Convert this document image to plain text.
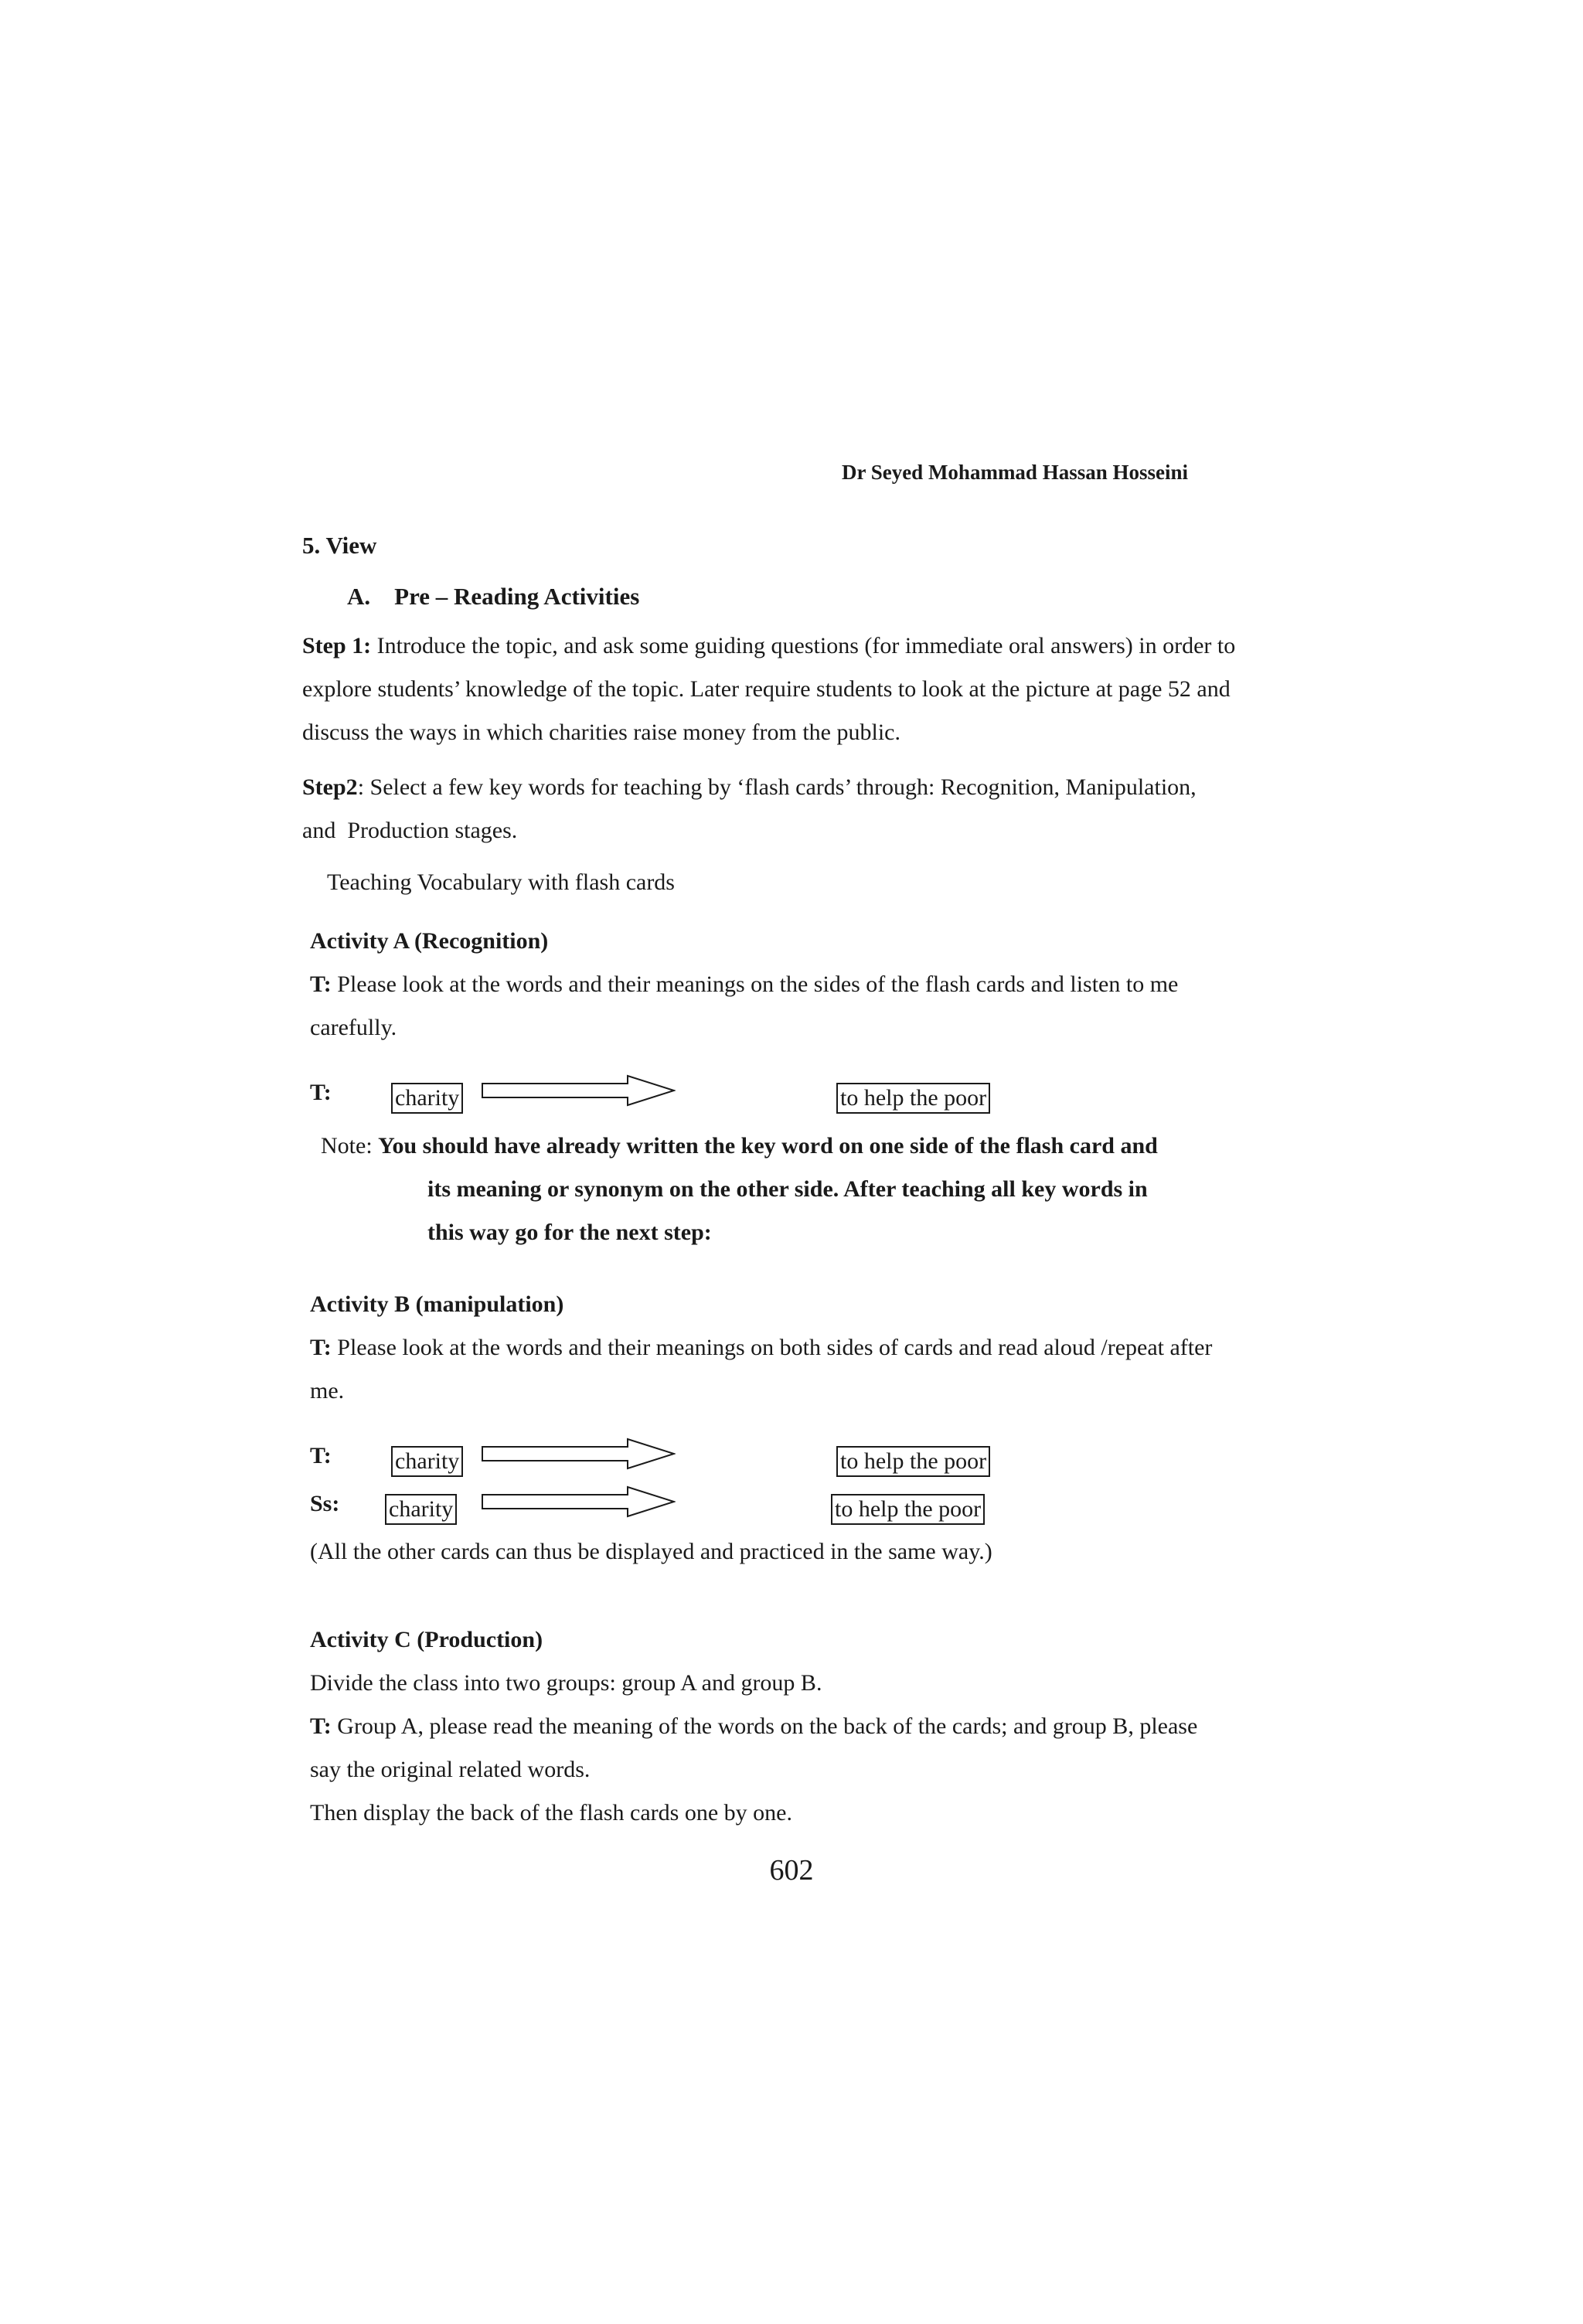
Dr Seyed Mohammad Hassan Hosseini
5. View
A. Pre – Reading Activities

Step 1: Introduce the topic, and ask some guiding questions (for immediate oral answers) in order to explore students’ knowledge of the topic. Later require students to look at the picture at page 52 and discuss the ways in which charities raise money from the public.

Step2: Select a few key words for teaching by ‘flash cards’ through: Recognition, Manipulation, and  Production stages.

Teaching Vocabulary with flash cards
Activity A (Recognition)

T: Please look at the words and their meanings on the sides of the flash cards and listen to me carefully.

T:	charity	to help the poor
Note: You should have already written the key word on one side of the flash card and
its meaning or synonym on the other side. After teaching all key words in
this way go for the next step:
Activity B (manipulation)

T: Please look at the words and their meanings on both sides of cards and read aloud /repeat after me.

T:	charity	to help the poor
Ss: charity	to help the poor
(All the other cards can thus be displayed and practiced in the same way.)
Activity C (Production)
Divide the class into two groups: group A and group B.

T: Group A, please read the meaning of the words on the back of the cards; and group B, please say the original related words.

Then display the back of the flash cards one by one.
602
